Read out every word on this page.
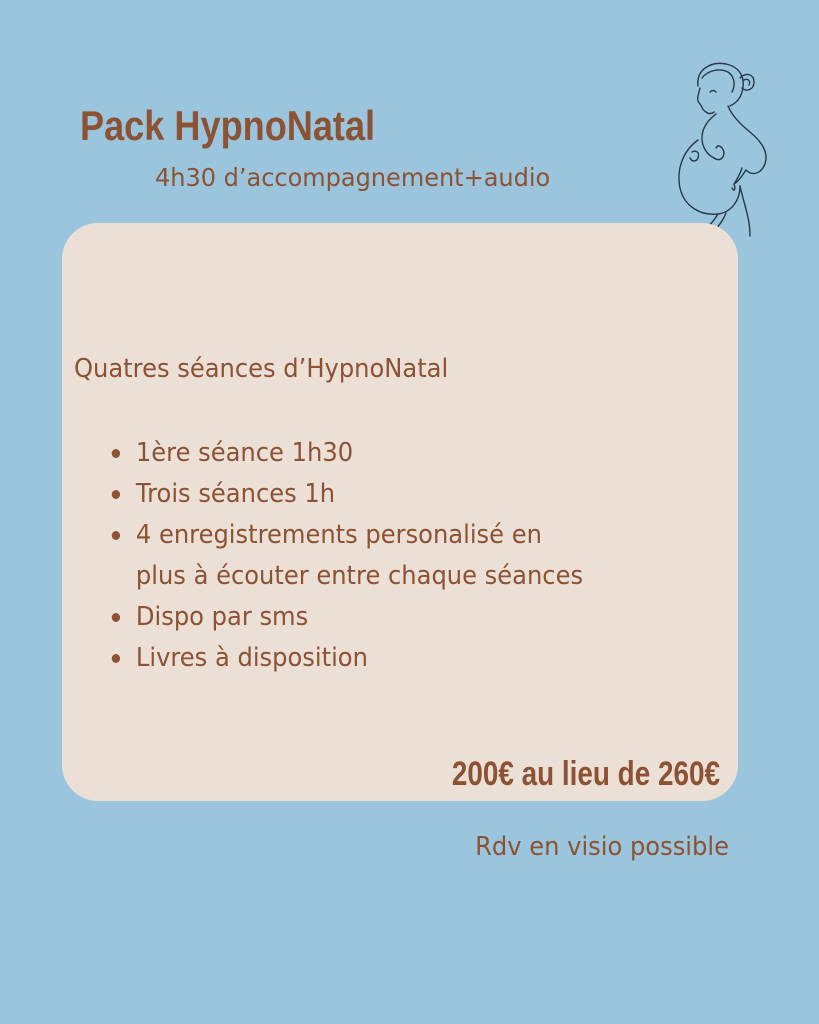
Pack HypnoNatal
4h30 d’accompagnement+audio
Quatres séances d’HypnoNatal
1ère séance 1h30
Trois séances 1h
4 enregistrements personalisé en
plus à écouter entre chaque séances
Dispo par sms
Livres à disposition
200€ au lieu de 260€
Rdv en visio possible
